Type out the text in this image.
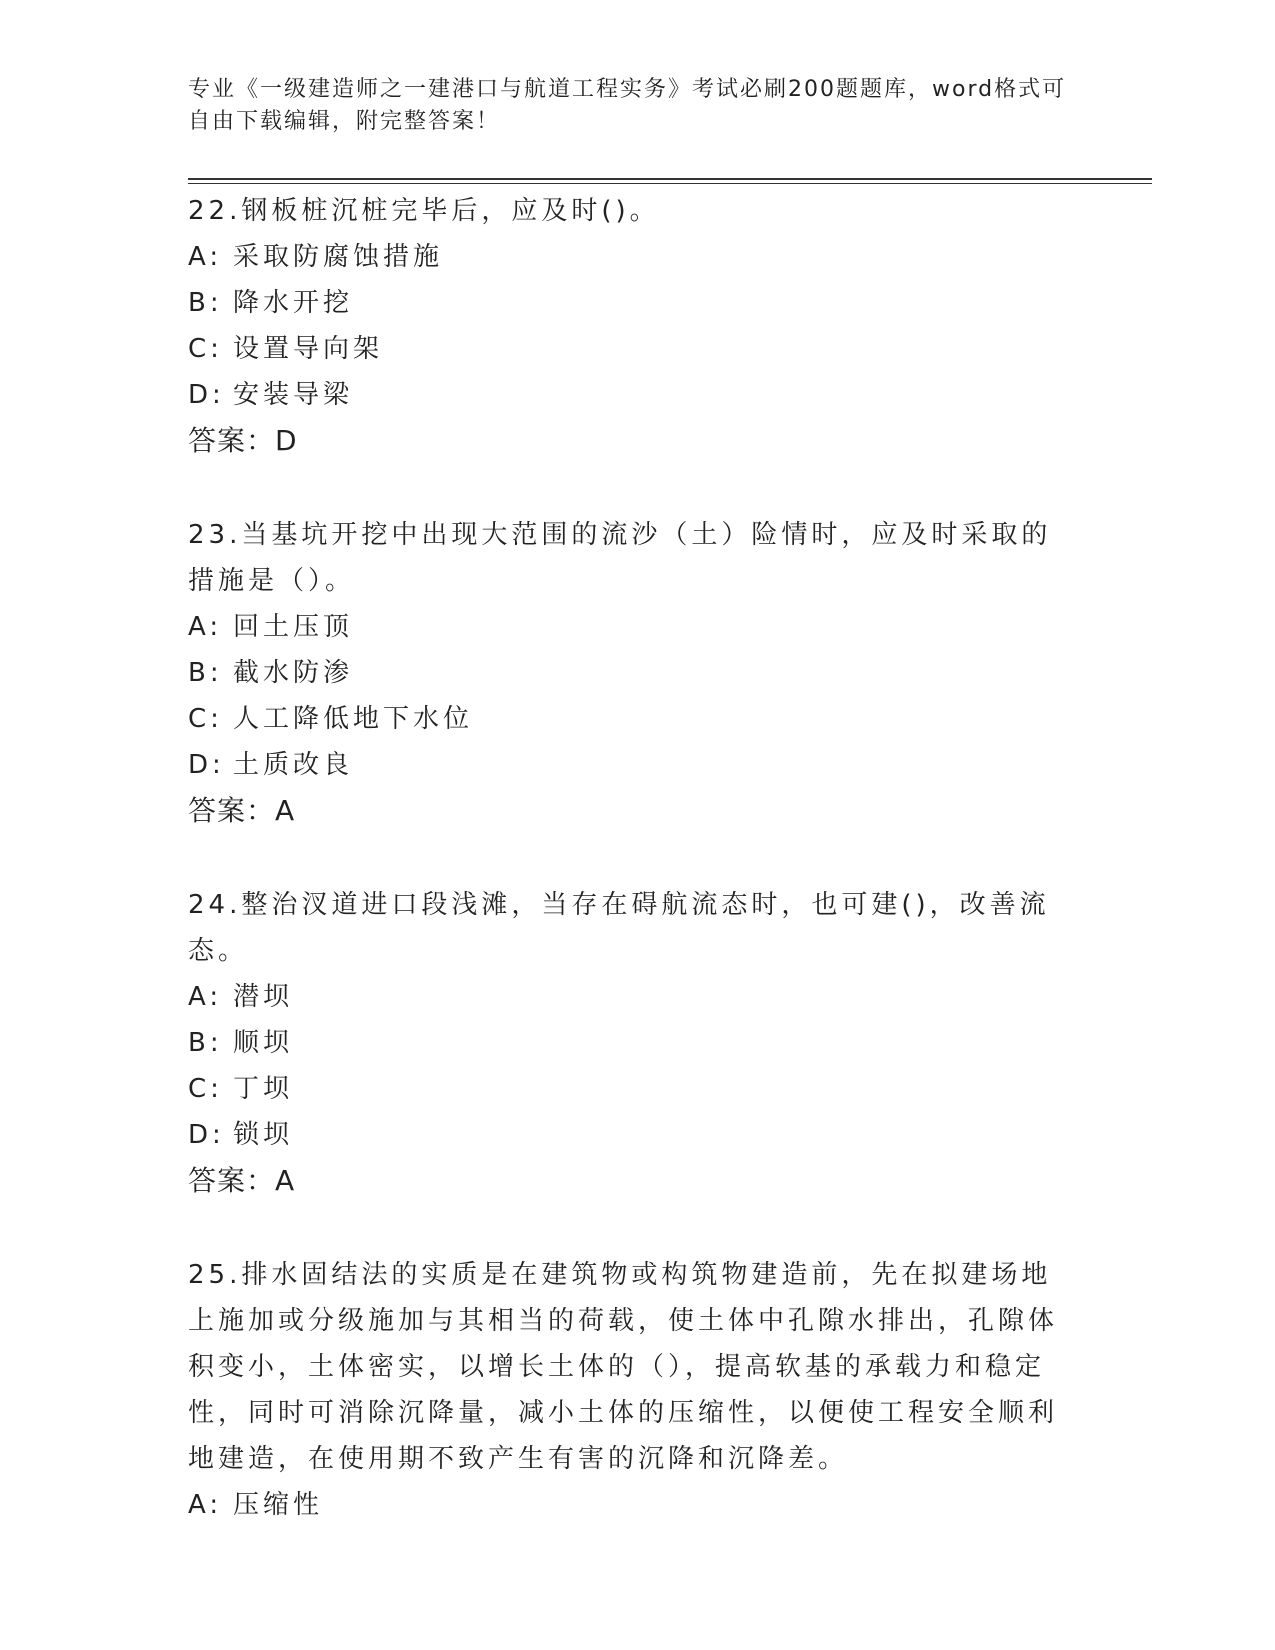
专业《一级建造师之一建港口与航道工程实务》考试必刷200题题库，word格式可自由下载编辑，附完整答案！
22.钢板桩沉桩完毕后，应及时()。
A: 采取防腐蚀措施
B: 降水开挖
C: 设置导向架
D: 安装导梁
答案：D
23.当基坑开挖中出现大范围的流沙（土）险情时，应及时采取的措施是（）。
A: 回土压顶
B: 截水防渗
C: 人工降低地下水位
D: 土质改良
答案：A
24.整治汊道进口段浅滩，当存在碍航流态时，也可建()，改善流态。
A: 潜坝
B: 顺坝
C: 丁坝
D: 锁坝
答案：A
25.排水固结法的实质是在建筑物或构筑物建造前，先在拟建场地上施加或分级施加与其相当的荷载，使土体中孔隙水排出，孔隙体积变小，土体密实，以增长土体的（），提高软基的承载力和稳定性，同时可消除沉降量，减小土体的压缩性，以便使工程安全顺利地建造，在使用期不致产生有害的沉降和沉降差。
A: 压缩性
